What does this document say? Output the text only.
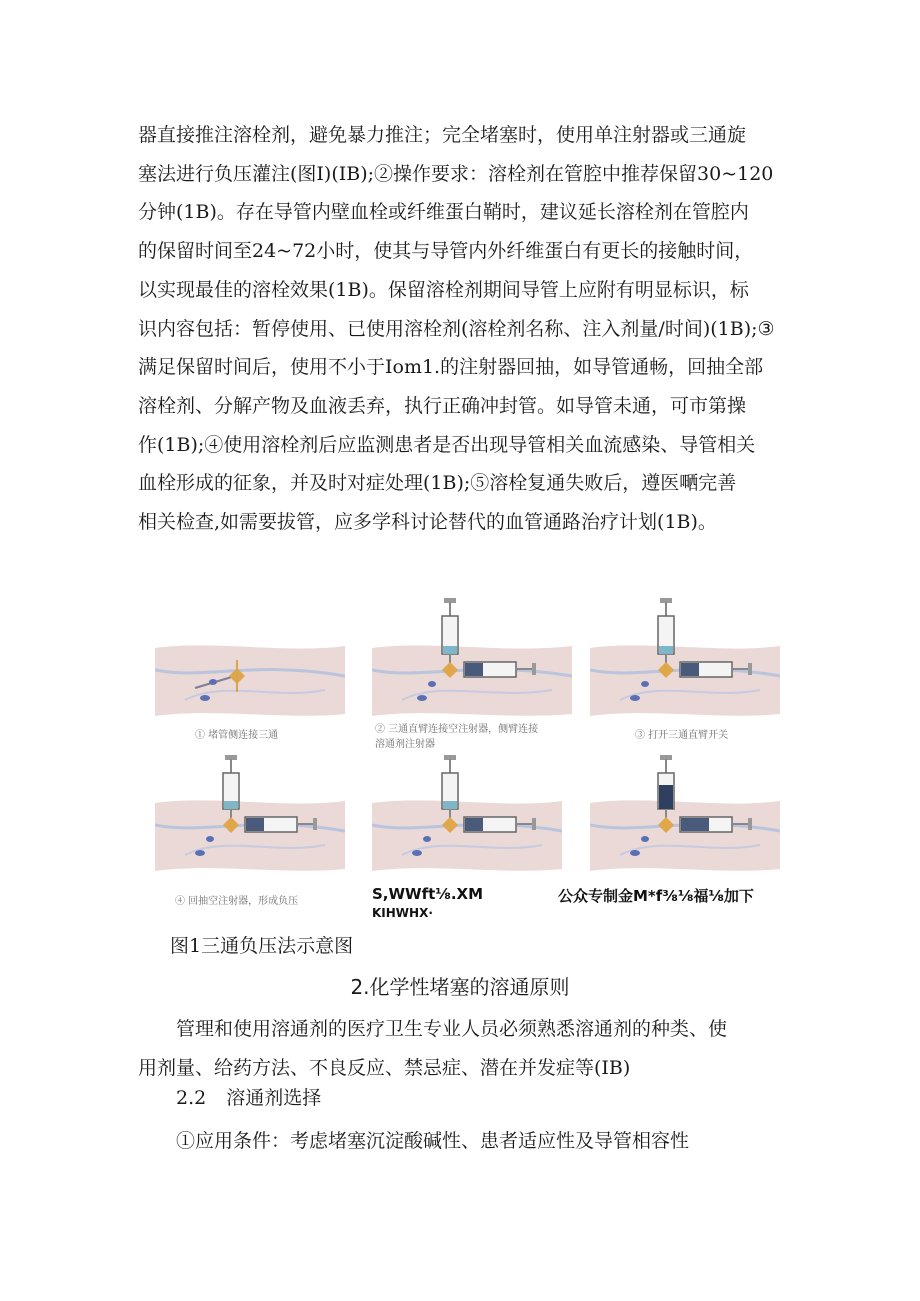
器直接推注溶栓剂，避免暴力推注；完全堵塞时，使用单注射器或三通旋
塞法进行负压灌注(图I)(IB);②操作要求：溶栓剂在管腔中推荐保留30~120
分钟(1B)。存在导管内壁血栓或纤维蛋白鞘时，建议延长溶栓剂在管腔内
的保留时间至24~72小时，使其与导管内外纤维蛋白有更长的接触时间，
以实现最佳的溶栓效果(1B)。保留溶栓剂期间导管上应附有明显标识，标
识内容包括：暂停使用、已使用溶栓剂(溶栓剂名称、注入剂量/时间)(1B);③
满足保留时间后，使用不小于Iom1.的注射器回抽，如导管通畅，回抽全部
溶栓剂、分解产物及血液丢弃，执行正确冲封管。如导管未通，可市第操
作(1B);④使用溶栓剂后应监测患者是否出现导管相关血流感染、导管相关
血栓形成的征象，并及时对症处理(1B);⑤溶栓复通失败后，遵医嗮完善
相关检查,如需要拔管，应多学科讨论替代的血管通路治疗计划(1B)。
① 堵管侧连接三通
② 三通直臂连接空注射器，侧臂连接
溶通剂注射器
③ 打开三通直臂开关
④ 回抽空注射器，形成负压	S,WWft⅛.XM
KIHWHX·
公众专制金M*f⅜⅛福⅛加下
图1三通负压法示意图
2.化学性堵塞的溶通原则
管理和使用溶通剂的医疗卫生专业人员必须熟悉溶通剂的种类、使
用剂量、给药方法、不良反应、禁忌症、潜在并发症等(IB)
2.2 溶通剂选择
①应用条件：考虑堵塞沉淀酸碱性、患者适应性及导管相容性
